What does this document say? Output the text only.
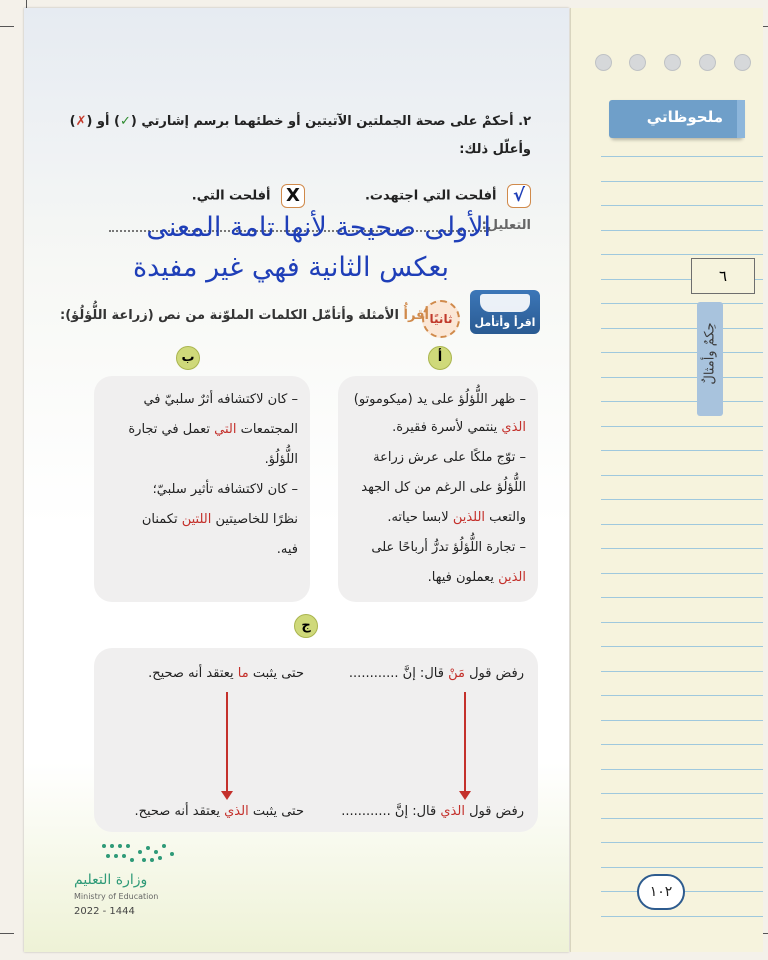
٢. أحكمْ على صحة الجملتين الآتيتين أو خطئهما برسم إشارتي (✓) أو (✗)
وأعلّل ذلك:
√ أفلحت التي اجتهدت.
X أفلحت التي.
التعليل:
الأولى صحيحة لأنها تامة المعنى
بعكس الثانية فهي غير مفيدة
اقرأ وأتأمل
ثانيًا
أقرأُ الأمثلة وأتأمّل الكلمات الملوّنة من نص (زراعة اللُّؤلُؤ):
أ
– ظهر اللُّؤلُؤ على يد (ميكوموتو)
الذي ينتمي لأسرة فقيرة.
– توّج ملكًا على عرش زراعة
اللُّؤلُؤ على الرغم من كل الجهد
والتعب اللذين لابسا حياته.
– تجارة اللُّؤلُؤ تدرُّ أرباحًا على
الذين يعملون فيها.
ب
– كان لاكتشافه أثرٌ سلبيّ في
المجتمعات التي تعمل في تجارة
اللُّؤلُؤ.
– كان لاكتشافه تأثير سلبيّ؛
نظرًا للخاصيتين اللتين تكمنان
فيه.
ج
رفض قول مَنْ قال: إنَّ ............
حتى يثبت ما يعتقد أنه صحيح.
رفض قول الذي قال: إنَّ ............
حتى يثبت الذي يعتقد أنه صحيح.
وزارة التعليم
Ministry of Education
2022 - 1444
ملحوظاتي
٦
حِكمٌ وأمثالٌ
١٠٢
